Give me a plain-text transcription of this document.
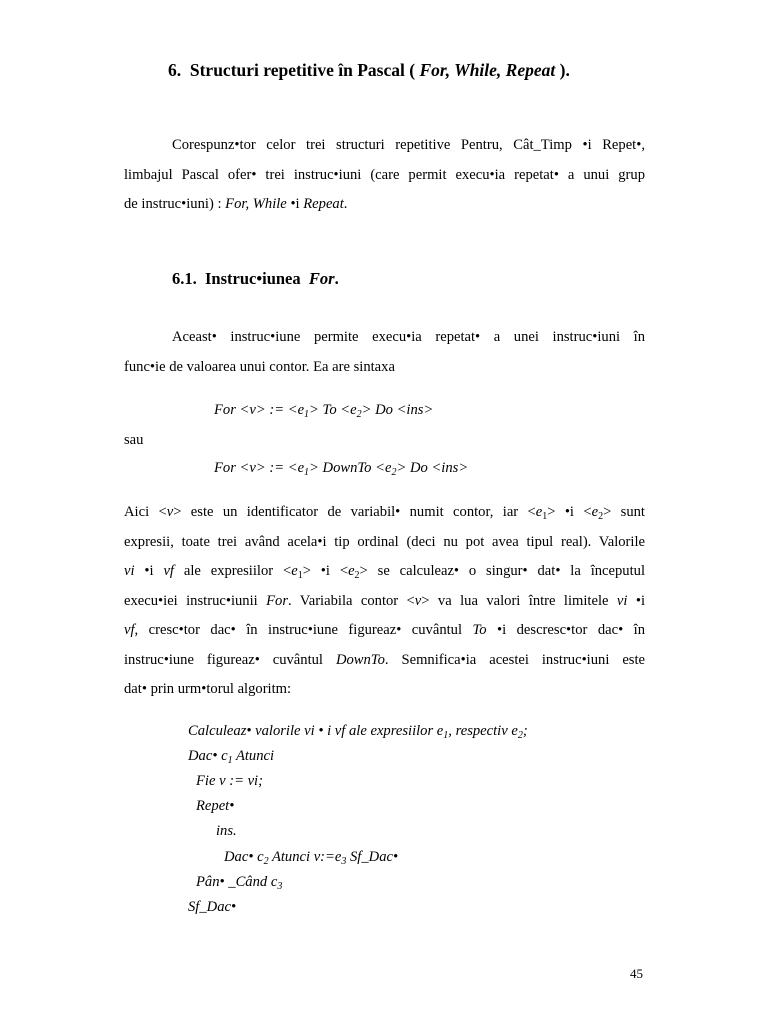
6. Structuri repetitive în Pascal ( For, While, Repeat ).
Corespunz•tor celor trei structuri repetitive Pentru, Cât_Timp •i Repet•,
limbajul Pascal ofer• trei instruc•iuni (care permit execu•ia repetat• a unui grup
de instruc•iuni) : For, While •i Repeat.
6.1. Instruc•iunea  For.
Aceast• instruc•iune permite execu•ia repetat• a unei instruc•iuni în
func•ie de valoarea unui contor. Ea are sintaxa
For <v> := $<e_1> To <e_2> Do <ins>$
sau
For <v> := $<e_1>$ DownTo $<e_2> Do <ins>$
Aici <v> este un identificator de variabil• numit contor, iar $<e_1>$ •i $<e_2>$ sunt
expresii, toate trei având acela•i tip ordinal (deci nu pot avea tipul real). Valorile
vi •i vf ale expresiilor $<e_1>$ •i $<e_2>$ se calculeaz• o singur• dat• la începutul
execu•iei instruc•iunii For. Variabila contor <v> va lua valori între limitele vi •i
vf, cresc•tor dac• în instruc•iune figureaz• cuvântul To •i descresc•tor dac• în
instruc•iune figureaz• cuvântul DownTo. Semnifica•ia acestei instruc•iuni este
dat• prin urm•torul algoritm:
Calculeaz• valorile vi • i vf ale expresiilor $e_1$, respectiv $e_2$;
Dac• $c_1$ Atunci
Fie v := vi;
Repet•
ins.
Dac• $c_2$ Atunci $v:=e_3$ Sf_Dac•
Pân• _Când $c_3$
Sf_Dac•
45
